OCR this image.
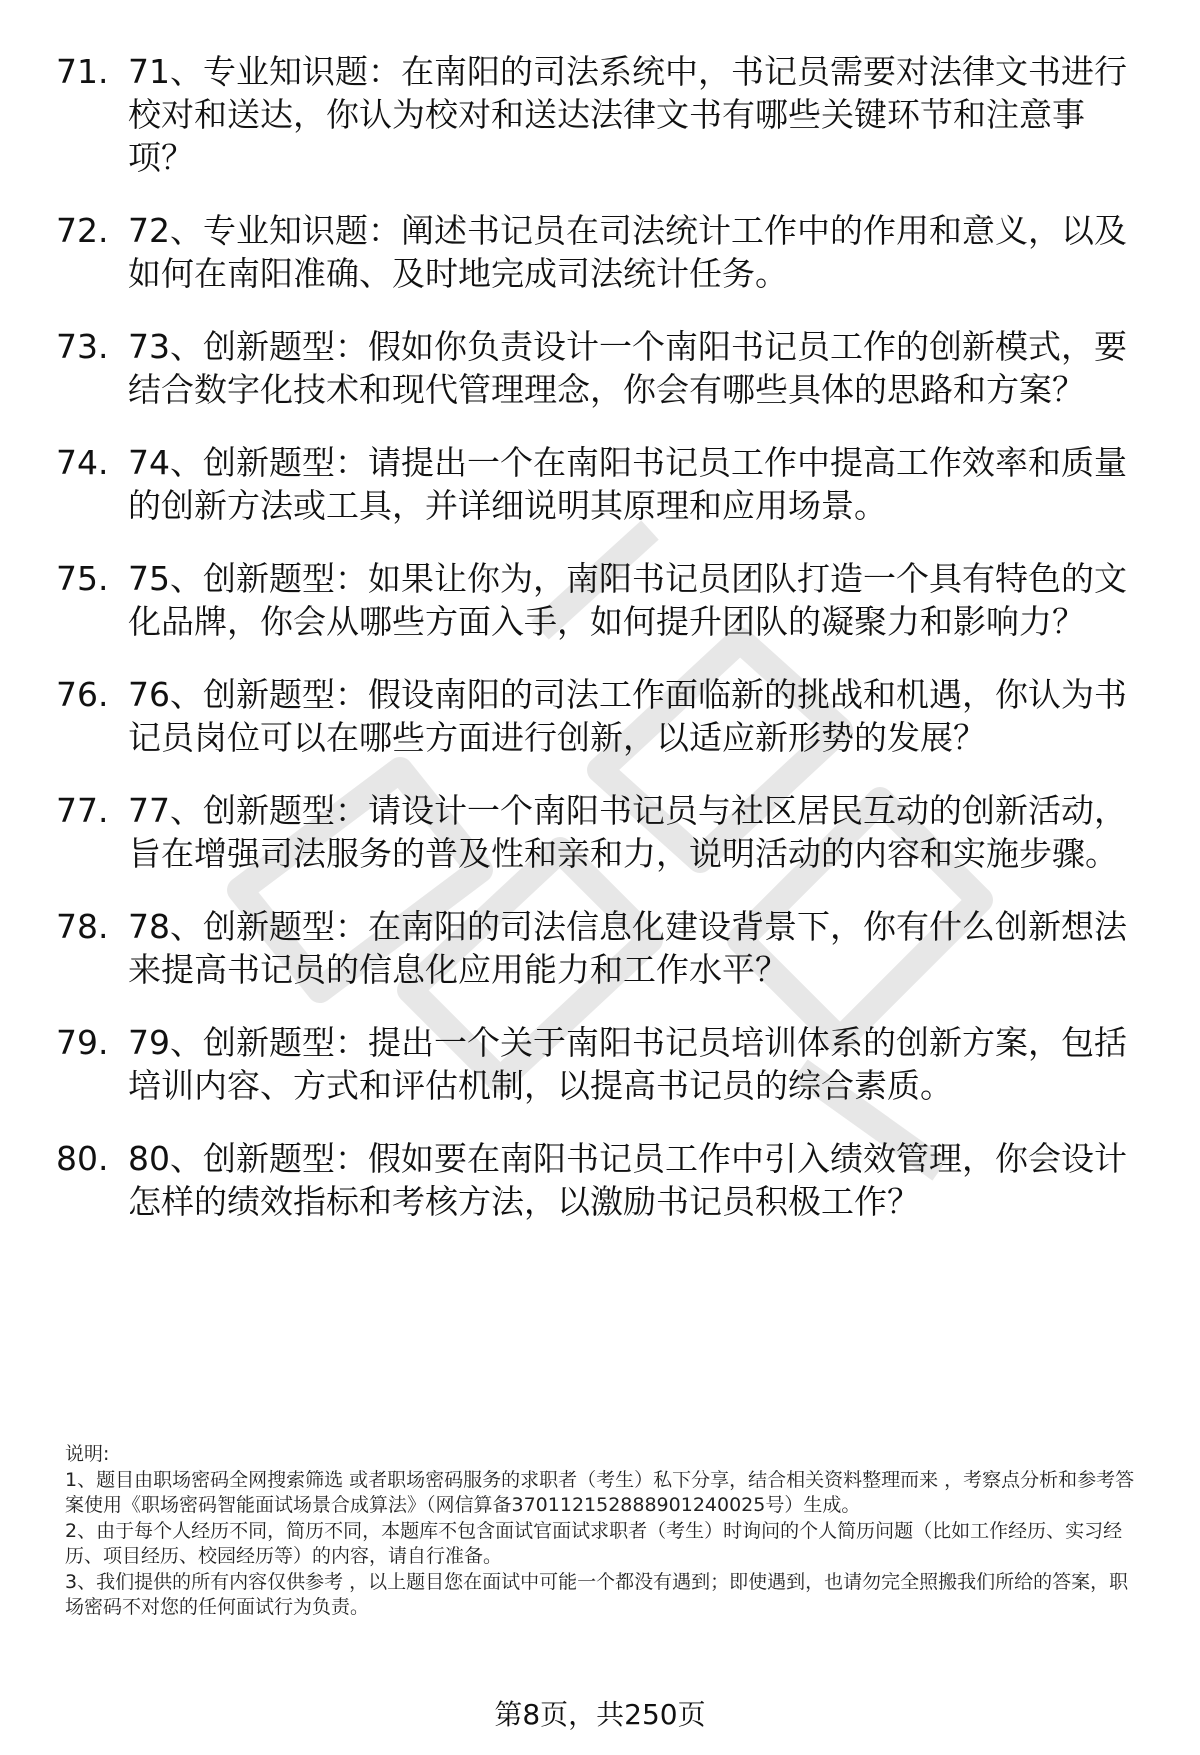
71. 71、专业知识题：在南阳的司法系统中，书记员需要对法律文书进行校对和送达，你认为校对和送达法律文书有哪些关键环节和注意事项？
72. 72、专业知识题：阐述书记员在司法统计工作中的作用和意义，以及如何在南阳准确、及时地完成司法统计任务。
73. 73、创新题型：假如你负责设计一个南阳书记员工作的创新模式，要结合数字化技术和现代管理理念，你会有哪些具体的思路和方案？
74. 74、创新题型：请提出一个在南阳书记员工作中提高工作效率和质量的创新方法或工具，并详细说明其原理和应用场景。
75. 75、创新题型：如果让你为，南阳书记员团队打造一个具有特色的文化品牌，你会从哪些方面入手，如何提升团队的凝聚力和影响力？
76. 76、创新题型：假设南阳的司法工作面临新的挑战和机遇，你认为书记员岗位可以在哪些方面进行创新，以适应新形势的发展？
77. 77、创新题型：请设计一个南阳书记员与社区居民互动的创新活动，旨在增强司法服务的普及性和亲和力，说明活动的内容和实施步骤。
78. 78、创新题型：在南阳的司法信息化建设背景下，你有什么创新想法来提高书记员的信息化应用能力和工作水平？
79. 79、创新题型：提出一个关于南阳书记员培训体系的创新方案，包括培训内容、方式和评估机制，以提高书记员的综合素质。
80. 80、创新题型：假如要在南阳书记员工作中引入绩效管理，你会设计怎样的绩效指标和考核方法，以激励书记员积极工作？

说明:

1、题目由职场密码全网搜索筛选 或者职场密码服务的求职者（考生）私下分享，结合相关资料整理而来 ，考察点分析和参考答案使用《职场密码智能面试场景合成算法》（网信算备370112152888901240025号）生成。

2、由于每个人经历不同，简历不同，本题库不包含面试官面试求职者（考生）时询问的个人简历问题（比如工作经历、实习经历、项目经历、校园经历等）的内容，请自行准备。

3、我们提供的所有内容仅供参考 ，以上题目您在面试中可能一个都没有遇到；即使遇到，也请勿完全照搬我们所给的答案，职场密码不对您的任何面试行为负责。

第8页，共250页
